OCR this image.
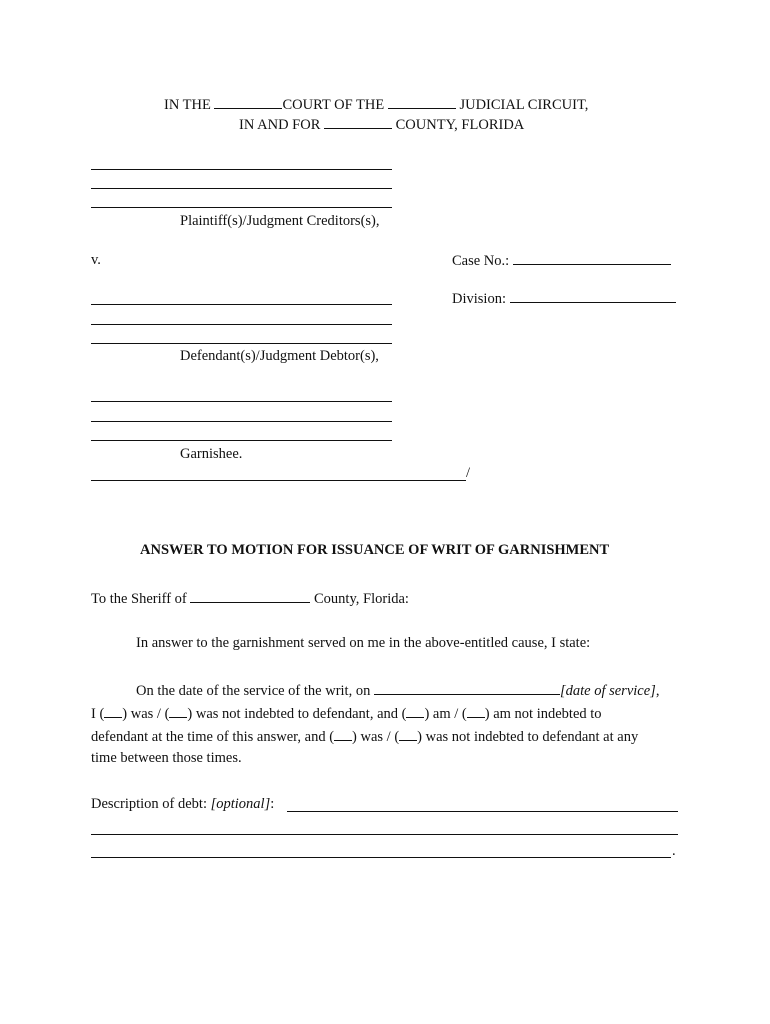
IN THE	COURT OF THE	JUDICIAL CIRCUIT,
IN AND FOR	COUNTY, FLORIDA
Plaintiff(s)/Judgment Creditors(s),
v.	Case No.:
Division:
Defendant(s)/Judgment Debtor(s),
Garnishee.
/
ANSWER TO MOTION FOR ISSUANCE OF WRIT OF GARNISHMENT
To the Sheriff of	County, Florida:
In answer to the garnishment served on me in the above-entitled cause, I state:
On the date of the service of the writ, on	[date of service],
I ( ) was / ( ) was not indebted to defendant, and ( ) am / ( ) am not indebted to
defendant at the time of this answer, and ( ) was / ( ) was not indebted to defendant at any
time between those times.
Description of debt: [optional]:
.
